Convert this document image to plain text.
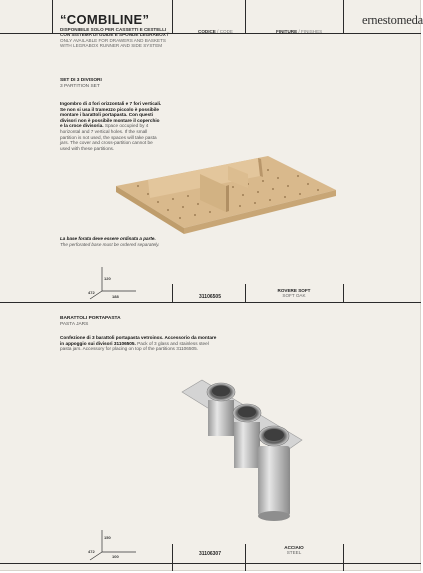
“COMBILINE”
DISPONIBILE SOLO PER CASSETTI E CESTELLI CON SISTEMA DI GUIDE E SPONDE LEGRABOX / ONLY AVAILABLE FOR DRAWERS AND BASKETS WITH LEGRABOX RUNNER AND SIDE SYSTEM
CODICE / CODE	FINITURE / FINISHES
ernestomeda
SET DI 3 DIVISORI
3 PARTITION SET
Ingombro di 4 fori orizzontali e 7 fori verticali. Se non si usa il tramezzo piccolo è possibile montare i barattoli portapasta. Con questi divisori non è possibile montare il coperchio e la croce divisoria. Space occupied by 4 horizontal and 7 vertical holes. If the small partition is not used, the spaces will take pasta jars. The cover and cross-partition cannot be used with these partitions.
La base forata deve essere ordinata a parte.
The perforated base must be ordered separately.
120
472
188	31106505
ROVERE SOFT
SOFT OAK
BARATTOLI PORTAPASTA
PASTA JARS
Confezione di 3 barattoli portapasta vetroinox. Accessorio da montare in appoggio sui divisori 31106505. Pack of 3 glass and stainless steel pasta jars. Accessory for placing on top of the partitions 31106505.
150
472
100	31106307
ACCIAIO
STEEL
